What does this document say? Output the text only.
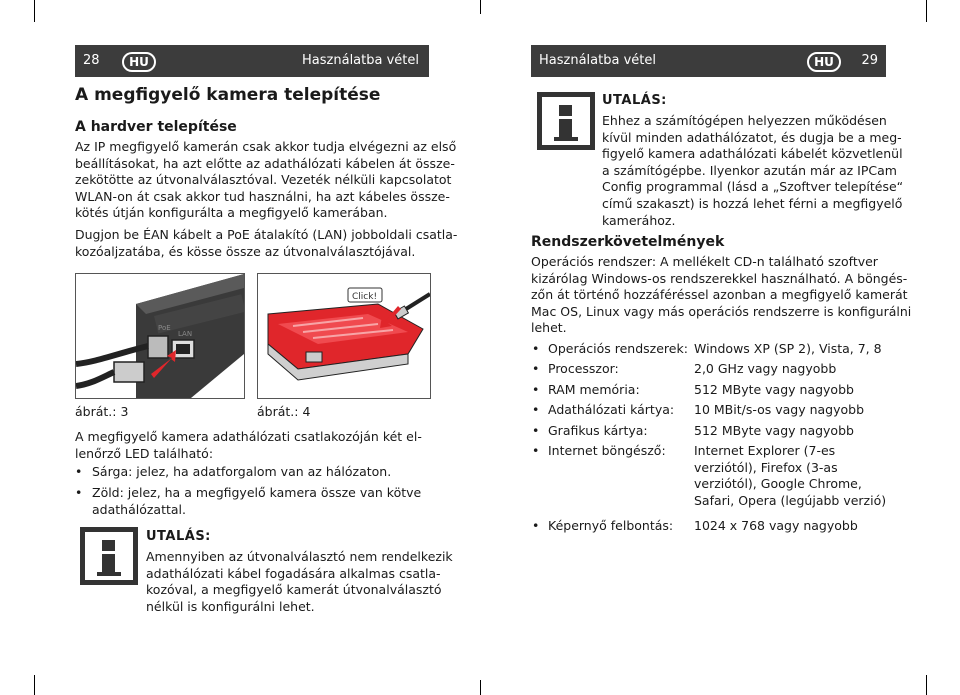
28	HU	Használatba vétel	Használatba vétel	HU	29
A megfigyelő kamera telepítése
A hardver telepítése

Az IP megfigyelő kamerán csak akkor tudja elvégezni az első

beállításokat, ha azt előtte az adathálózati kábelen át össze-

zekötötte az útvonalválasztóval. Vezeték nélküli kapcsolatot

WLAN-on át csak akkor tud használni, ha azt kábeles össze-

kötés útján konfigurálta a megfigyelő kamerában.

Dugjon be ÉAN kábelt a PoE átalakító (LAN) jobboldali csatla-

kozóaljzatába, és kösse össze az útvonalválasztójával.

PoE
LAN
ábrát.: 3
Click!
ábrát.: 4

A megfigyelő kamera adathálózati csatlakozóján két el-

lenőrző LED található:

• Sárga: jelez, ha adatforgalom van az hálózaton.
• Zöld: jelez, ha a megfigyelő kamera össze van kötve

adathálózattal.

UTALÁS:

Amennyiben az útvonalválasztó nem rendelkezik

adathálózati kábel fogadására alkalmas csatla-

kozóval, a megfigyelő kamerát útvonalválasztó

nélkül is konfigurálni lehet.

UTALÁS:

Ehhez a számítógépen helyezzen működésen

kívül minden adathálózatot, és dugja be a meg-

figyelő kamera adathálózati kábelét közvetlenül

a számítógépbe. Ilyenkor azután már az IPCam

Config programmal (lásd a „Szoftver telepítése“

című szakaszt) is hozzá lehet férni a megfigyelő

kamerához.

Rendszerkövetelmények

Operációs rendszer: A mellékelt CD-n található szoftver

kizárólag Windows-os rendszerekkel használható. A böngés-

zőn át történő hozzáféréssel azonban a megfigyelő kamerát

Mac OS, Linux vagy más operációs rendszerre is konfigurálni

lehet.

• Operációs rendszerek: Windows XP (SP 2), Vista, 7, 8
• Processzor:	2,0 GHz vagy nagyobb
• RAM memória:	512 MByte vagy nagyobb
• Adathálózati kártya: 10 MBit/s-os vagy nagyobb
• Grafikus kártya:	512 MByte vagy nagyobb
• Internet böngésző: Internet Explorer (7-es verziótól), Firefox (3-as verziótól), Google Chrome, Safari, Opera (legújabb verzió)
• Képernyő felbontás: 1024 x 768 vagy nagyobb
